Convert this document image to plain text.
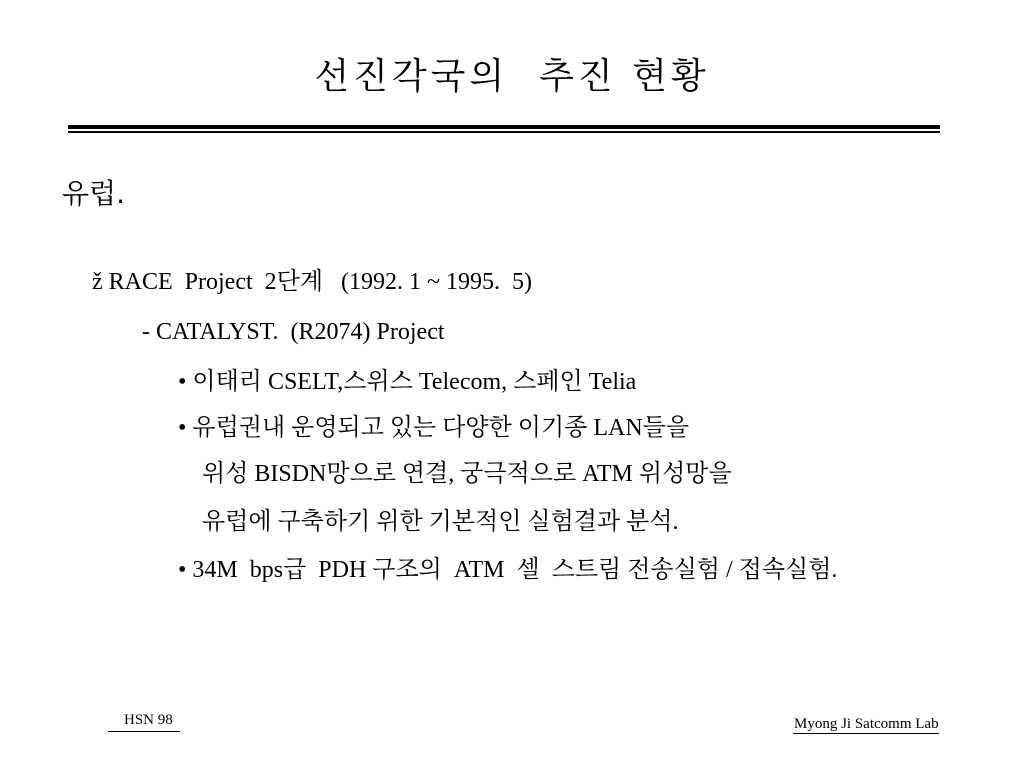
선진각국의  추진 현황
유럽.
ž RACE  Project  2단계   (1992. 1 ~ 1995.  5)
- CATALYST.  (R2074) Project
• 이태리 CSELT,스위스 Telecom, 스페인 Telia
• 유럽권내 운영되고 있는 다양한 이기종 LAN들을
위성 BISDN망으로 연결, 궁극적으로 ATM 위성망을
유럽에 구축하기 위한 기본적인 실험결과 분석.
• 34M  bps급  PDH 구조의  ATM  셀  스트림 전송실험 / 접속실험.
HSN 98	Myong Ji Satcomm Lab
